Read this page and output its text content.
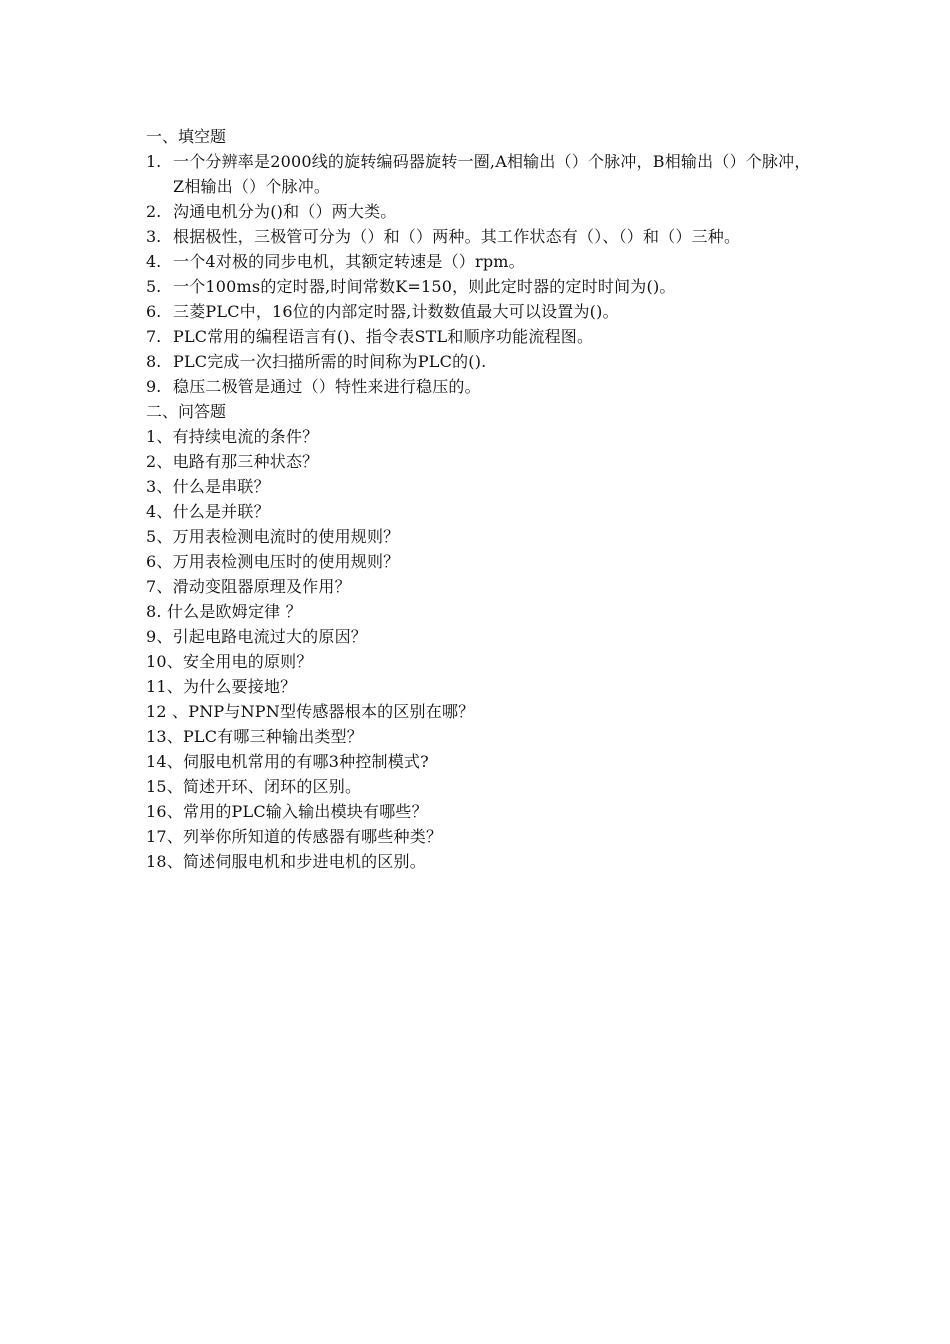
一、填空题
1. 一个分辨率是2000线的旋转编码器旋转一圈,A相输出（）个脉冲，B相输出（）个脉冲，Z相输出（）个脉冲。
2. 沟通电机分为()和（）两大类。
3. 根据极性，三极管可分为（）和（）两种。其工作状态有（）、（）和（）三种。
4. 一个4对极的同步电机，其额定转速是（）rpm。
5. 一个100ms的定时器,时间常数K=150，则此定时器的定时时间为()。
6. 三菱PLC中，16位的内部定时器,计数数值最大可以设置为()。
7. PLC常用的编程语言有()、指令表STL和顺序功能流程图。
8. PLC完成一次扫描所需的时间称为PLC的().
9. 稳压二极管是通过（）特性来进行稳压的。
二、问答题
1、有持续电流的条件？
2、电路有那三种状态？
3、什么是串联？
4、什么是并联？
5、万用表检测电流时的使用规则？
6、万用表检测电压时的使用规则？
7、滑动变阻器原理及作用？
8. 什么是欧姆定律 ？
9、引起电路电流过大的原因？
10、安全用电的原则？
11、为什么要接地？
12 、PNP与NPN型传感器根本的区别在哪？
13、PLC有哪三种输出类型？
14、伺服电机常用的有哪3种控制模式?
15、简述开环、闭环的区别。
16、常用的PLC输入输出模块有哪些？
17、列举你所知道的传感器有哪些种类？
18、简述伺服电机和步进电机的区别。
